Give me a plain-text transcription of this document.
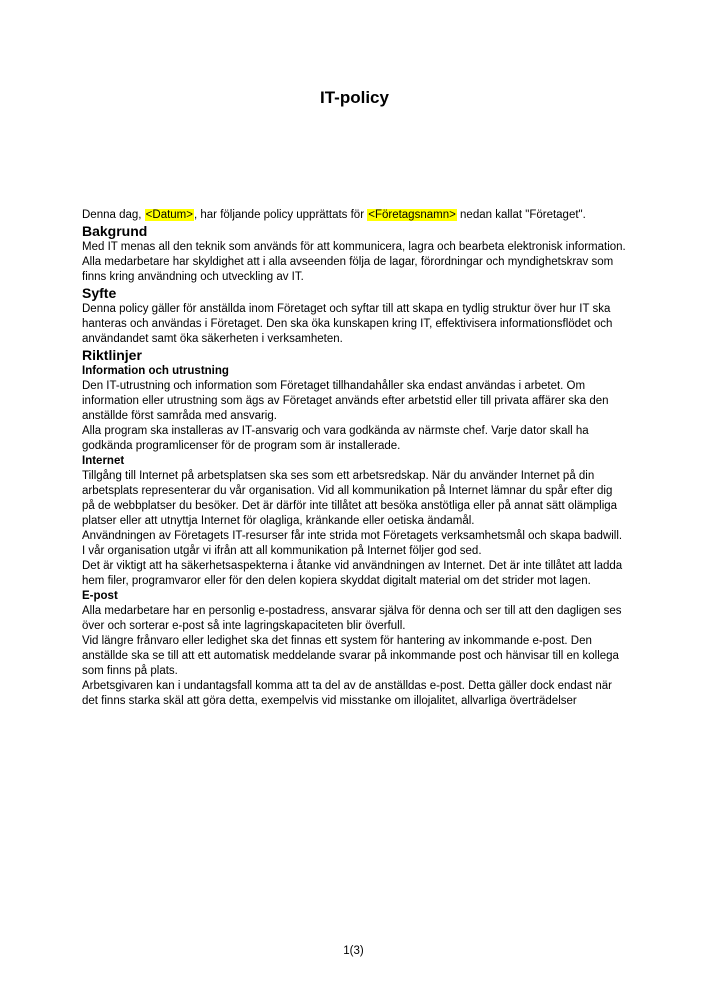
IT-policy

Denna dag, <Datum>, har följande policy upprättats för <Företagsnamn> nedan kallat "Företaget".

Bakgrund

Med IT menas all den teknik som används för att kommunicera, lagra och bearbeta elektronisk information. Alla medarbetare har skyldighet att i alla avseenden följa de lagar, förordningar och myndighetskrav som finns kring användning och utveckling av IT.

Syfte

Denna policy gäller för anställda inom Företaget och syftar till att skapa en tydlig struktur över hur IT ska hanteras och användas i Företaget. Den ska öka kunskapen kring IT, effektivisera informationsflödet och användandet samt öka säkerheten i verksamheten.

Riktlinjer
Information och utrustning

Den IT-utrustning och information som Företaget tillhandahåller ska endast användas i arbetet. Om information eller utrustning som ägs av Företaget används efter arbetstid eller till privata affärer ska den anställde först samråda med ansvarig.

Alla program ska installeras av IT-ansvarig och vara godkända av närmste chef. Varje dator skall ha godkända programlicenser för de program som är installerade.

Internet

Tillgång till Internet på arbetsplatsen ska ses som ett arbetsredskap. När du använder Internet på din arbetsplats representerar du vår organisation. Vid all kommunikation på Internet lämnar du spår efter dig på de webbplatser du besöker. Det är därför inte tillåtet att besöka anstötliga eller på annat sätt olämpliga platser eller att utnyttja Internet för olagliga, kränkande eller oetiska ändamål.

Användningen av Företagets IT-resurser får inte strida mot Företagets verksamhetsmål och skapa badwill. I vår organisation utgår vi ifrån att all kommunikation på Internet följer god sed.

Det är viktigt att ha säkerhetsaspekterna i åtanke vid användningen av Internet. Det är inte tillåtet att ladda hem filer, programvaror eller för den delen kopiera skyddat digitalt material om det strider mot lagen.

E-post

Alla medarbetare har en personlig e-postadress, ansvarar själva för denna och ser till att den dagligen ses över och sorterar e-post så inte lagringskapaciteten blir överfull.

Vid längre frånvaro eller ledighet ska det finnas ett system för hantering av inkommande e-post. Den anställde ska se till att ett automatisk meddelande svarar på inkommande post och hänvisar till en kollega som finns på plats.

Arbetsgivaren kan i undantagsfall komma att ta del av de anställdas e-post. Detta gäller dock endast när det finns starka skäl att göra detta, exempelvis vid misstanke om illojalitet, allvarliga överträdelser

1(3)
